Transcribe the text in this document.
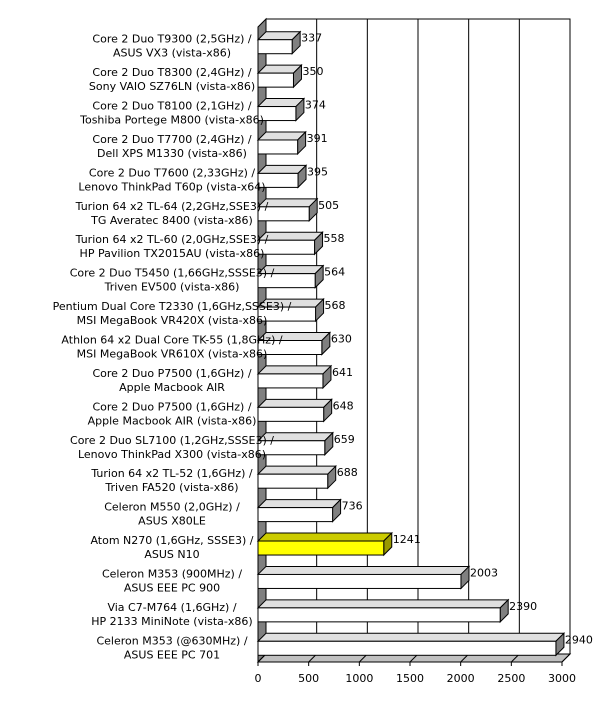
Core 2 Duo T9300 (2,5GHz) /
ASUS VX3 (vista-x86)
Core 2 Duo T8300 (2,4GHz) /
Sony VAIO SZ76LN (vista-x86)
Core 2 Duo T8100 (2,1GHz) /
Toshiba Portege M800 (vista-x86)
Core 2 Duo T7700 (2,4GHz) /
Dell XPS M1330 (vista-x86)
Core 2 Duo T7600 (2,33GHz) /
Lenovo ThinkPad T60p (vista-x64)
Turion 64 x2 TL-64 (2,2GHz,SSE3) /
TG Averatec 8400 (vista-x86)
Turion 64 x2 TL-60 (2,0GHz,SSE3) /
HP Pavilion TX2015AU (vista-x86)
Core 2 Duo T5450 (1,66GHz,SSSE3) /
Triven EV500 (vista-x86)
Pentium Dual Core T2330 (1,6GHz,SSSE3) /
MSI MegaBook VR420X (vista-x86)
Athlon 64 x2 Dual Core TK-55 (1,8GHz) /
MSI MegaBook VR610X (vista-x86)
Core 2 Duo P7500 (1,6GHz) /
Apple Macbook AIR
Core 2 Duo P7500 (1,6GHz) /
Apple Macbook AIR (vista-x86)
Core 2 Duo SL7100 (1,2GHz,SSSE3) /
Lenovo ThinkPad X300 (vista-x86)
Turion 64 x2 TL-52 (1,6GHz) /
Triven FA520 (vista-x86)
Celeron M550 (2,0GHz) /
ASUS X80LE
Atom N270 (1,6GHz, SSSE3) /
ASUS N10
Celeron M353 (900MHz) /
ASUS EEE PC 900
Via C7-M764 (1,6GHz) /
HP 2133 MiniNote (vista-x86)
Celeron M353 (@630MHz) /
ASUS EEE PC 701
337
350
374
391
395
505
558
564
568
630
641
648
659
688
736
1241
2003
2390
2940
0	500 1000 1500 2000 2500 3000
